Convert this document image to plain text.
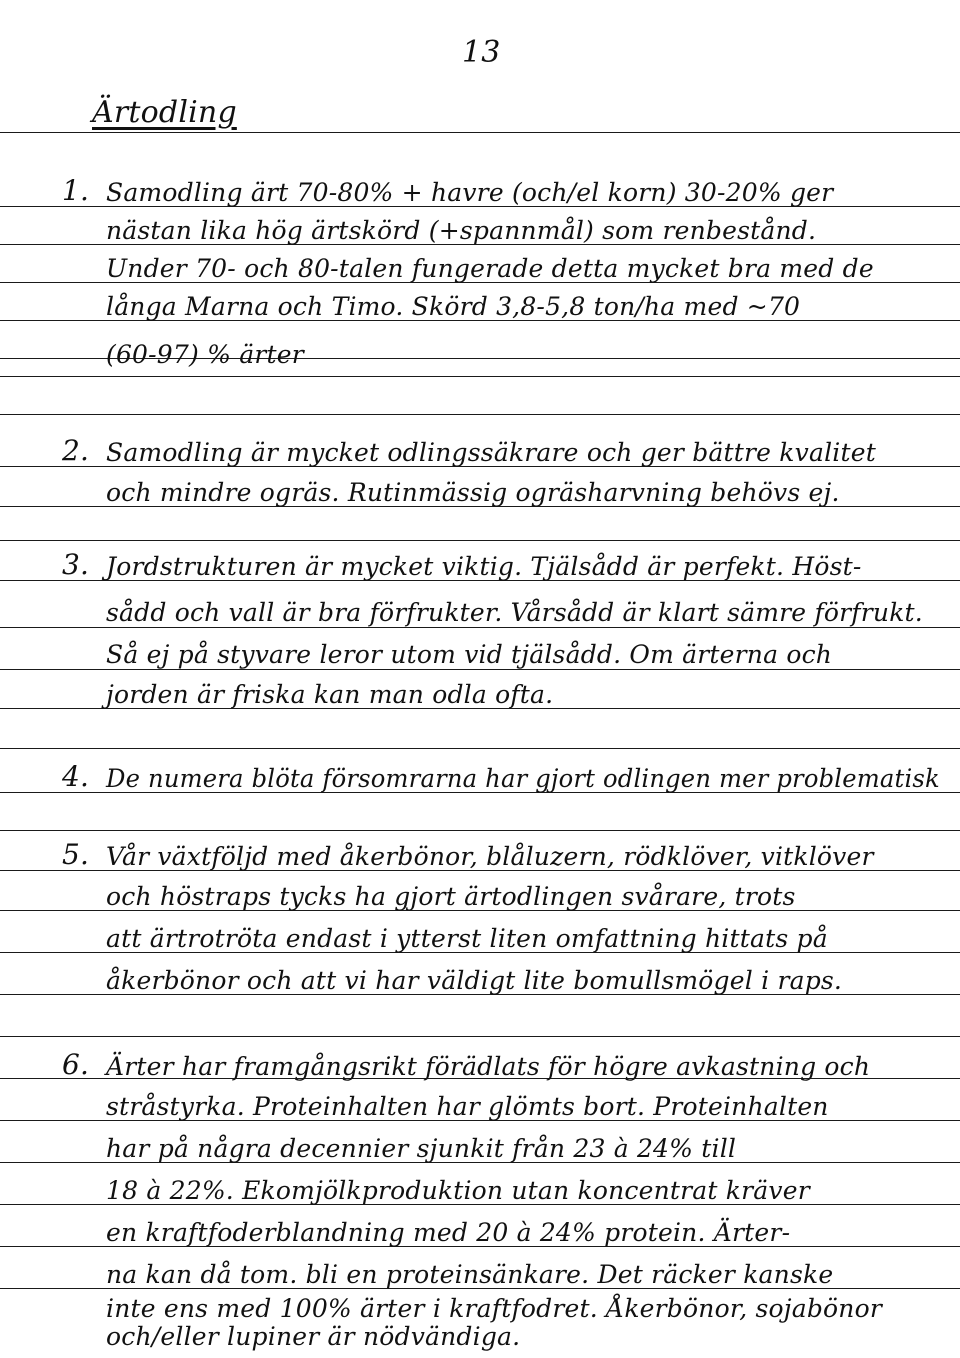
13
Ärtodling
1. Samodling ärt 70-80% + havre (och/el korn) 30-20% ger
nästan lika hög ärtskörd (+spannmål) som renbestånd.
Under 70- och 80-talen fungerade detta mycket bra med de
långa Marna och Timo. Skörd 3,8-5,8 ton/ha med ~70
(60-97) % ärter
2. Samodling är mycket odlingssäkrare och ger bättre kvalitet
och mindre ogräs. Rutinmässig ogräsharvning behövs ej.
3. Jordstrukturen är mycket viktig. Tjälsådd är perfekt. Höst-
sådd och vall är bra förfrukter. Vårsådd är klart sämre förfrukt.
Så ej på styvare leror utom vid tjälsådd. Om ärterna och
jorden är friska kan man odla ofta.
4. De numera blöta försomrarna har gjort odlingen mer problematisk
5. Vår växtföljd med åkerbönor, blåluzern, rödklöver, vitklöver
och höstraps tycks ha gjort ärtodlingen svårare, trots
att ärtrotröta endast i ytterst liten omfattning hittats på
åkerbönor och att vi har väldigt lite bomullsmögel i raps.
6. Ärter har framgångsrikt förädlats för högre avkastning och
stråstyrka. Proteinhalten har glömts bort. Proteinhalten
har på några decennier sjunkit från 23 à 24% till
18 à 22%. Ekomjölkproduktion utan koncentrat kräver
en kraftfoderblandning med 20 à 24% protein. Ärter-
na kan då tom. bli en proteinsänkare. Det räcker kanske
inte ens med 100% ärter i kraftfodret. Åkerbönor, sojabönor
och/eller lupiner är nödvändiga.
